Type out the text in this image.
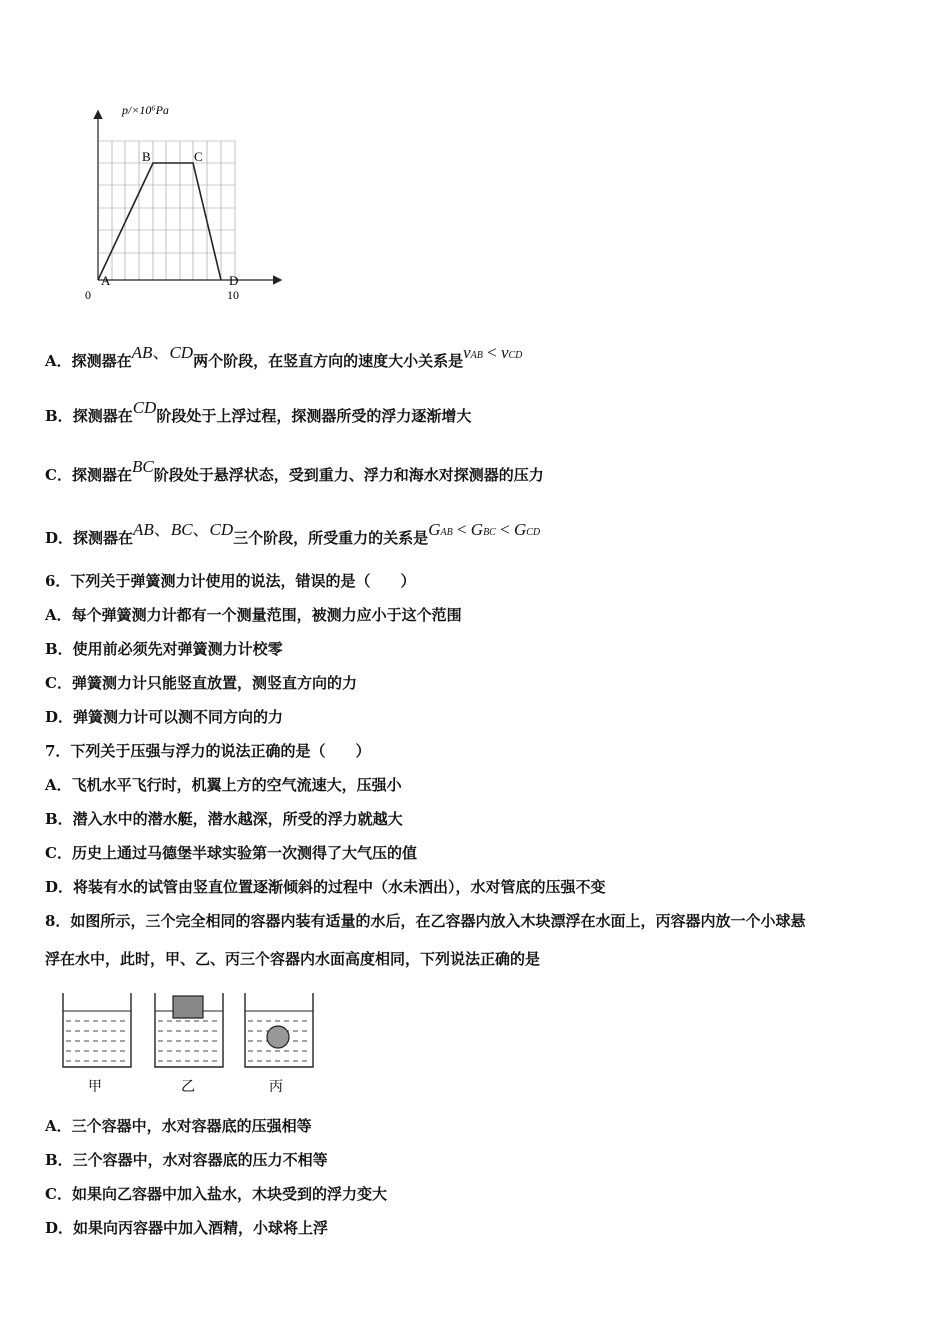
p/×10⁶Pa
A
B	C
D
0	10
A．探测器在AB、CD两个阶段，在竖直方向的速度大小关系是vAB < vCD
B．探测器在CD阶段处于上浮过程，探测器所受的浮力逐渐增大
C．探测器在BC阶段处于悬浮状态，受到重力、浮力和海水对探测器的压力
D．探测器在AB、BC、CD三个阶段，所受重力的关系是GAB < GBC < GCD
6．下列关于弹簧测力计使用的说法，错误的是（　　）
A．每个弹簧测力计都有一个测量范围，被测力应小于这个范围
B．使用前必须先对弹簧测力计校零
C．弹簧测力计只能竖直放置，测竖直方向的力
D．弹簧测力计可以测不同方向的力
7．下列关于压强与浮力的说法正确的是（　　）
A．飞机水平飞行时，机翼上方的空气流速大，压强小
B．潜入水中的潜水艇，潜水越深，所受的浮力就越大
C．历史上通过马德堡半球实验第一次测得了大气压的值
D．将装有水的试管由竖直位置逐渐倾斜的过程中（水未洒出），水对管底的压强不变
8．如图所示，三个完全相同的容器内装有适量的水后，在乙容器内放入木块漂浮在水面上，丙容器内放一个小球悬
浮在水中，此时，甲、乙、丙三个容器内水面高度相同，下列说法正确的是
甲	乙	丙
A．三个容器中，水对容器底的压强相等
B．三个容器中，水对容器底的压力不相等
C．如果向乙容器中加入盐水，木块受到的浮力变大
D．如果向丙容器中加入酒精，小球将上浮
